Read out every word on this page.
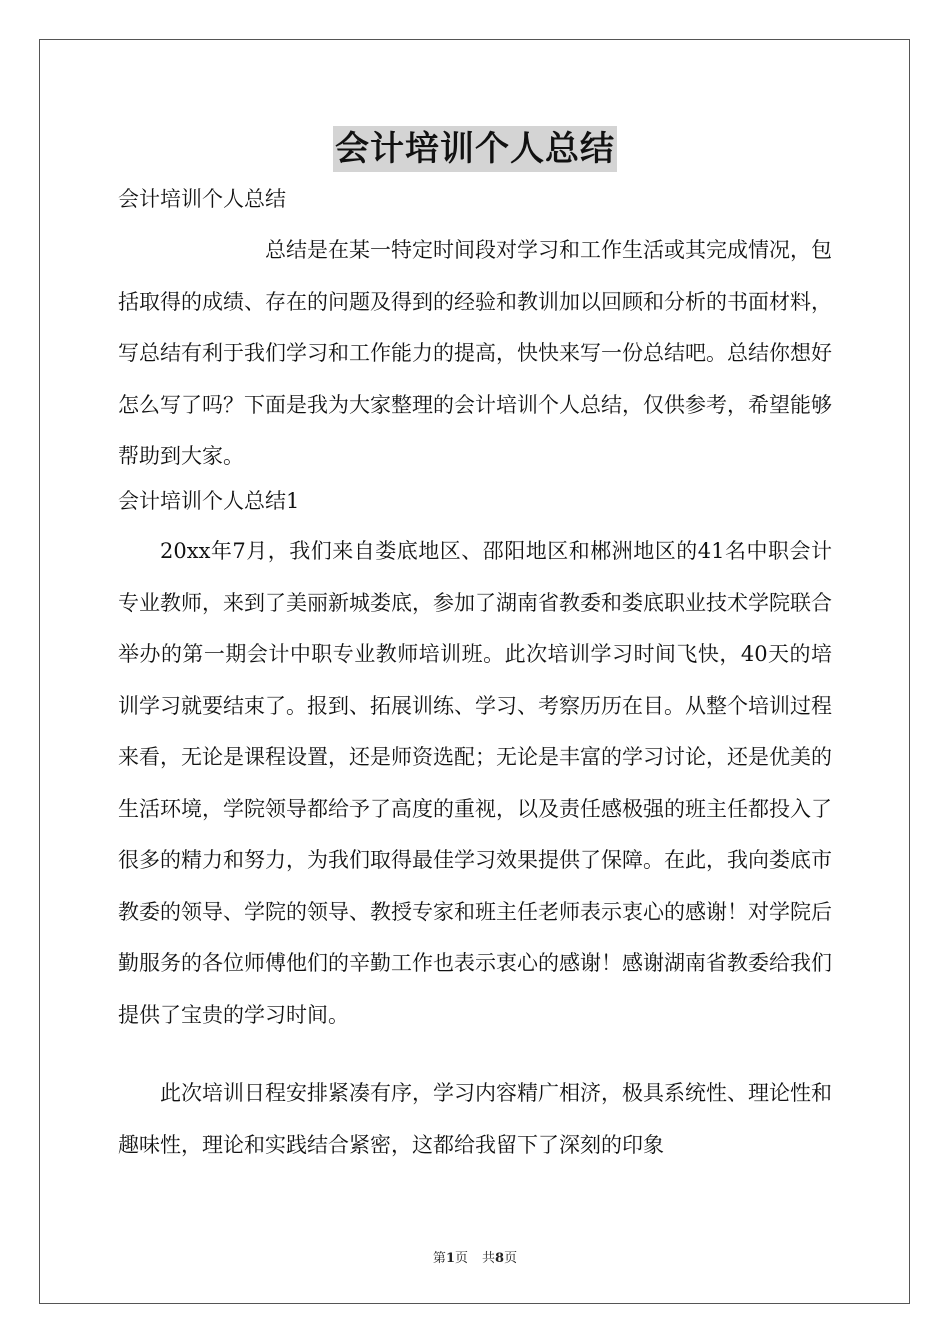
会计培训个人总结

会计培训个人总结

总结是在某一特定时间段对学习和工作生活或其完成情况，包括取得的成绩、存在的问题及得到的经验和教训加以回顾和分析的书面材料，写总结有利于我们学习和工作能力的提高，快快来写一份总结吧。总结你想好怎么写了吗？下面是我为大家整理的会计培训个人总结，仅供参考，希望能够帮助到大家。

会计培训个人总结1

20xx年7月，我们来自娄底地区、邵阳地区和郴洲地区的41名中职会计专业教师，来到了美丽新城娄底，参加了湖南省教委和娄底职业技术学院联合举办的第一期会计中职专业教师培训班。此次培训学习时间飞快，40天的培训学习就要结束了。报到、拓展训练、学习、考察历历在目。从整个培训过程来看，无论是课程设置，还是师资选配；无论是丰富的学习讨论，还是优美的生活环境，学院领导都给予了高度的重视，以及责任感极强的班主任都投入了很多的精力和努力，为我们取得最佳学习效果提供了保障。在此，我向娄底市教委的领导、学院的领导、教授专家和班主任老师表示衷心的感谢！对学院后勤服务的各位师傅他们的辛勤工作也表示衷心的感谢！感谢湖南省教委给我们提供了宝贵的学习时间。

此次培训日程安排紧凑有序，学习内容精广相济，极具系统性、理论性和趣味性，理论和实践结合紧密，这都给我留下了深刻的印象

第1页 共8页
